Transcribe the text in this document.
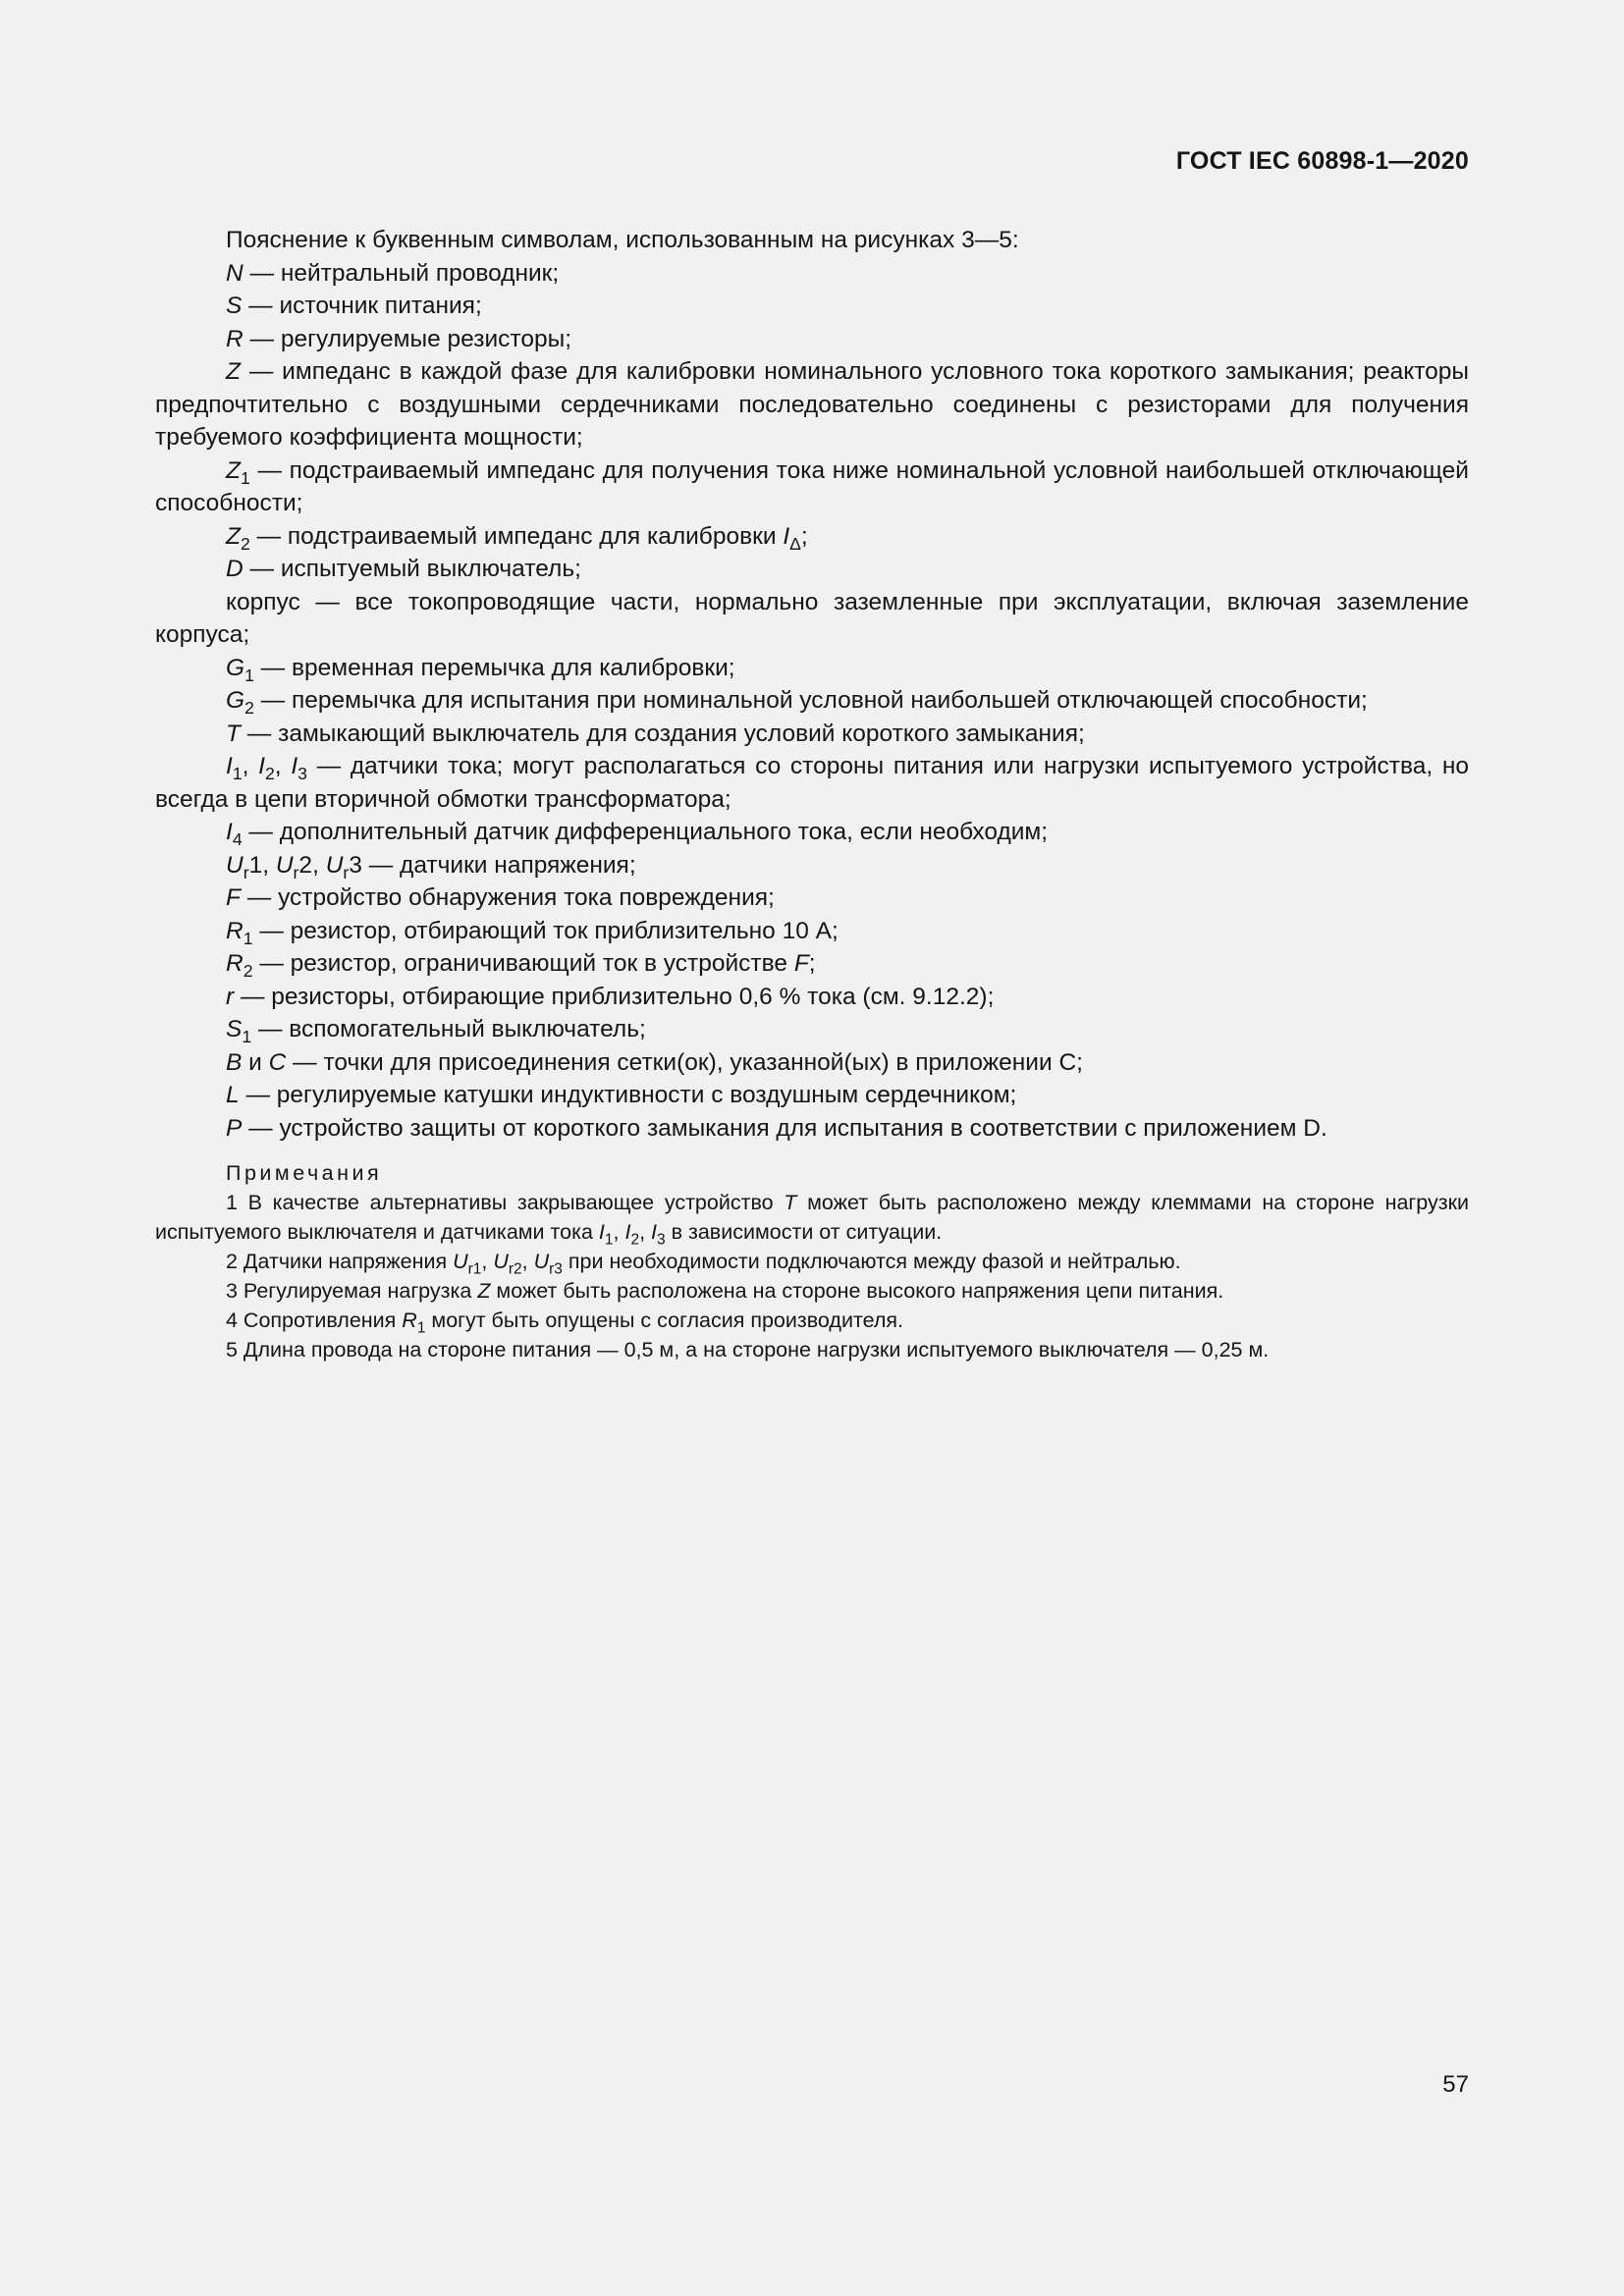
ГОСТ IEC 60898-1—2020

Пояснение к буквенным символам, использованным на рисунках 3—5:

N — нейтральный проводник;

S — источник питания;

R — регулируемые резисторы;

Z — импеданс в каждой фазе для калибровки номинального условного тока короткого замыкания; реакторы предпочтительно с воздушными сердечниками последовательно соединены с резисторами для получения требуемого коэффициента мощности;

$Z_1$ — подстраиваемый импеданс для получения тока ниже номинальной условной наибольшей отключающей способности;

$Z_2$ — подстраиваемый импеданс для калибровки $I_\Delta$;

D — испытуемый выключатель;

корпус — все токопроводящие части, нормально заземленные при эксплуатации, включая заземление корпуса;

$G_1$ — временная перемычка для калибровки;

$G_2$ — перемычка для испытания при номинальной условной наибольшей отключающей способности;

T — замыкающий выключатель для создания условий короткого замыкания;

$I_1$, $I_2$, $I_3$ — датчики тока; могут располагаться со стороны питания или нагрузки испытуемого устройства, но всегда в цепи вторичной обмотки трансформатора;

$I_4$ — дополнительный датчик дифференциального тока, если необходим;

$U_r1$, $U_r2$, $U_r3$ — датчики напряжения;

F — устройство обнаружения тока повреждения;

$R_1$ — резистор, отбирающий ток приблизительно 10 А;

$R_2$ — резистор, ограничивающий ток в устройстве F;

r — резисторы, отбирающие приблизительно 0,6 % тока (см. 9.12.2);

$S_1$ — вспомогательный выключатель;

B и C — точки для присоединения сетки(ок), указанной(ых) в приложении С;

L — регулируемые катушки индуктивности с воздушным сердечником;

P — устройство защиты от короткого замыкания для испытания в соответствии с приложением D.

Примечания

1 В качестве альтернативы закрывающее устройство T может быть расположено между клеммами на стороне нагрузки испытуемого выключателя и датчиками тока $I_1$, $I_2$, $I_3$ в зависимости от ситуации.

2 Датчики напряжения $U_{r1}$, $U_{r2}$, $U_{r3}$ при необходимости подключаются между фазой и нейтралью.

3 Регулируемая нагрузка Z может быть расположена на стороне высокого напряжения цепи питания.

4 Сопротивления $R_1$ могут быть опущены с согласия производителя.

5 Длина провода на стороне питания — 0,5 м, а на стороне нагрузки испытуемого выключателя — 0,25 м.

57
